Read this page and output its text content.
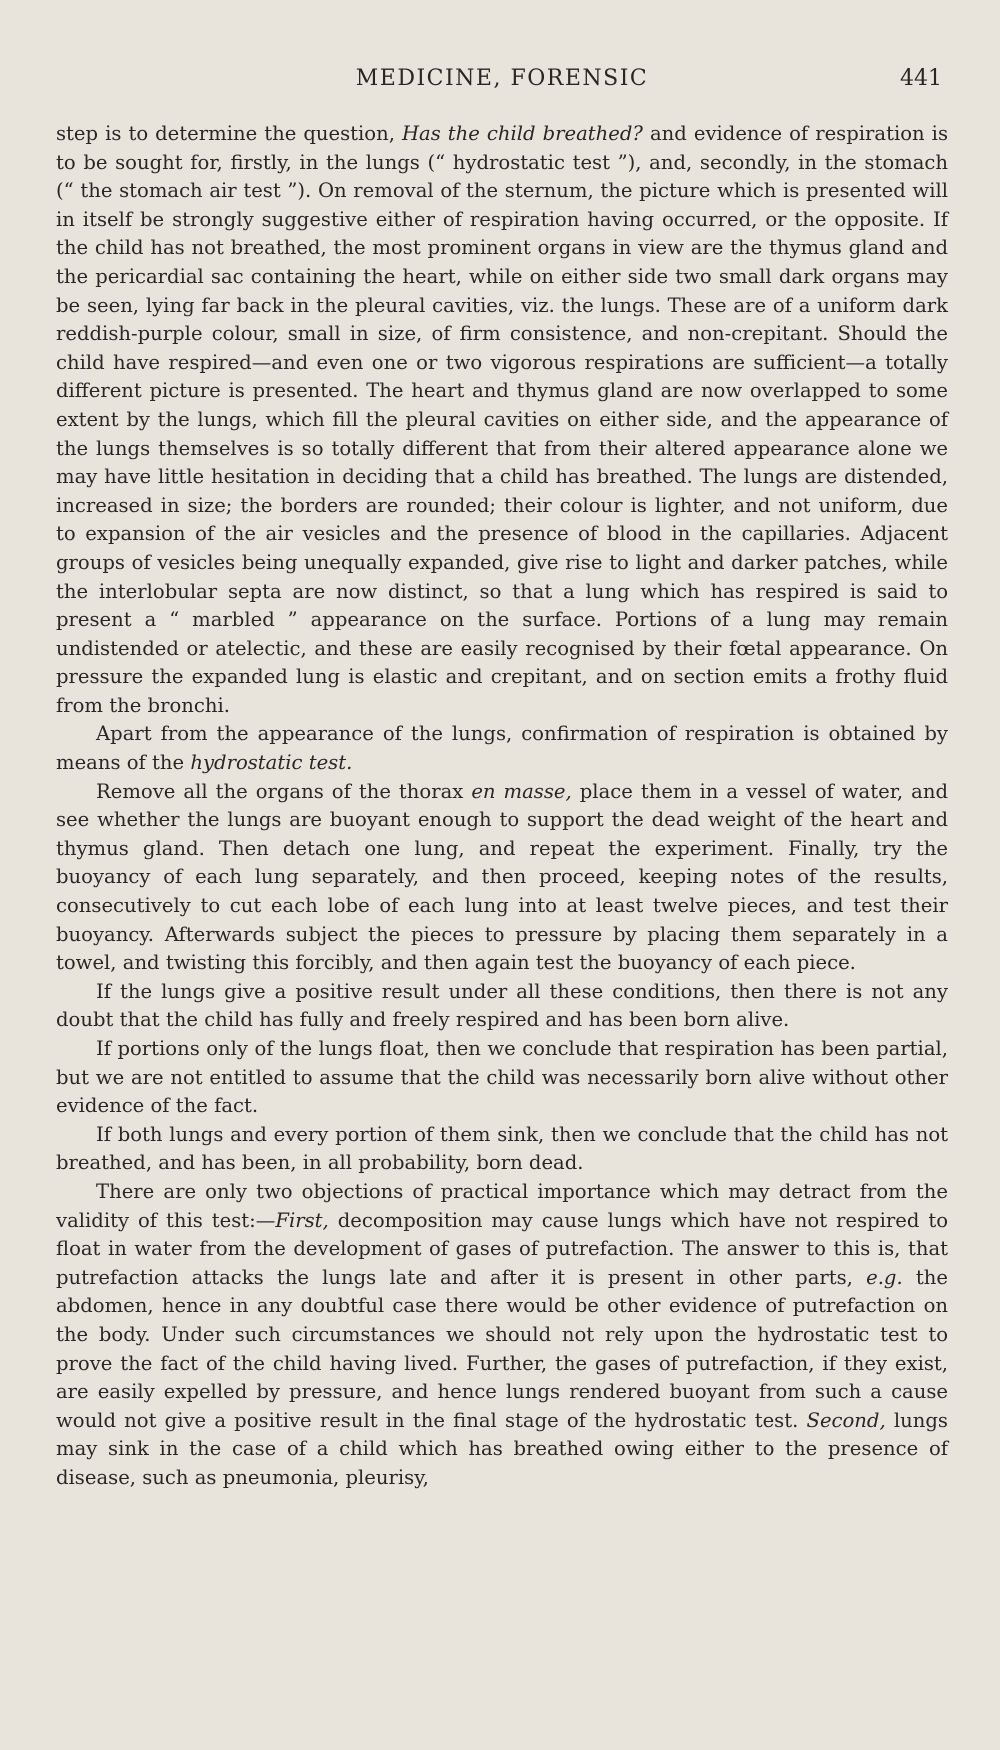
MEDICINE, FORENSIC	441

step is to determine the question, Has the child breathed? and evidence of respiration is to be sought for, firstly, in the lungs (“ hydrostatic test ”), and, secondly, in the stomach (“ the stomach air test ”). On removal of the sternum, the picture which is presented will in itself be strongly suggestive either of respiration having occurred, or the opposite. If the child has not breathed, the most prominent organs in view are the thymus gland and the pericardial sac containing the heart, while on either side two small dark organs may be seen, lying far back in the pleural cavities, viz. the lungs. These are of a uniform dark reddish-purple colour, small in size, of firm consistence, and non-crepitant. Should the child have respired—and even one or two vigorous respirations are sufficient—a totally different picture is presented. The heart and thymus gland are now overlapped to some extent by the lungs, which fill the pleural cavities on either side, and the appearance of the lungs themselves is so totally different that from their altered appearance alone we may have little hesitation in deciding that a child has breathed. The lungs are distended, increased in size; the borders are rounded; their colour is lighter, and not uniform, due to expansion of the air vesicles and the presence of blood in the capillaries. Adjacent groups of vesicles being unequally expanded, give rise to light and darker patches, while the interlobular septa are now distinct, so that a lung which has respired is said to present a “ marbled ” appearance on the surface. Portions of a lung may remain undistended or atelectic, and these are easily recognised by their fœtal appearance. On pressure the expanded lung is elastic and crepitant, and on section emits a frothy fluid from the bronchi.

Apart from the appearance of the lungs, confirmation of respiration is obtained by means of the hydrostatic test.

Remove all the organs of the thorax en masse, place them in a vessel of water, and see whether the lungs are buoyant enough to support the dead weight of the heart and thymus gland. Then detach one lung, and repeat the experiment. Finally, try the buoyancy of each lung separately, and then proceed, keeping notes of the results, consecutively to cut each lobe of each lung into at least twelve pieces, and test their buoyancy. Afterwards subject the pieces to pressure by placing them separately in a towel, and twisting this forcibly, and then again test the buoyancy of each piece.

If the lungs give a positive result under all these conditions, then there is not any doubt that the child has fully and freely respired and has been born alive.

If portions only of the lungs float, then we conclude that respiration has been partial, but we are not entitled to assume that the child was necessarily born alive without other evidence of the fact.

If both lungs and every portion of them sink, then we conclude that the child has not breathed, and has been, in all probability, born dead.

There are only two objections of practical importance which may detract from the validity of this test:—First, decomposition may cause lungs which have not respired to float in water from the development of gases of putrefaction. The answer to this is, that putrefaction attacks the lungs late and after it is present in other parts, e.g. the abdomen, hence in any doubtful case there would be other evidence of putrefaction on the body. Under such circumstances we should not rely upon the hydrostatic test to prove the fact of the child having lived. Further, the gases of putrefaction, if they exist, are easily expelled by pressure, and hence lungs rendered buoyant from such a cause would not give a positive result in the final stage of the hydrostatic test. Second, lungs may sink in the case of a child which has breathed owing either to the presence of disease, such as pneumonia, pleurisy,
